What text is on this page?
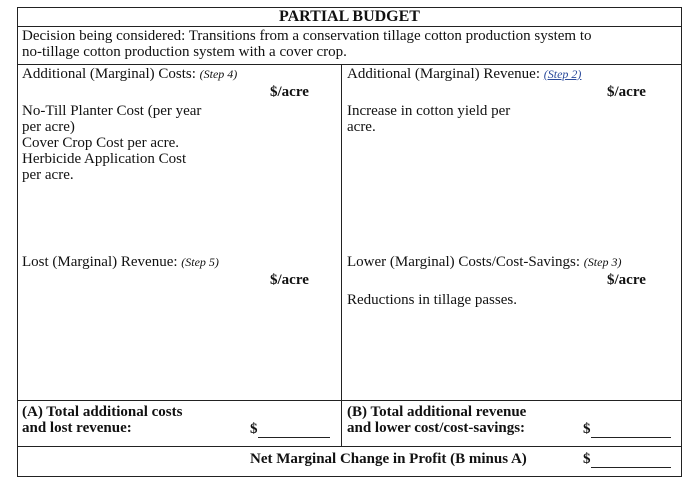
PARTIAL BUDGET
Decision being considered: Transitions from a conservation tillage cotton production system to
no-tillage cotton production system with a cover crop.
Additional (Marginal) Costs: (Step 4)
$/acre
No-Till Planter Cost (per year
per acre)
Cover Crop Cost per acre.
Herbicide Application Cost
per acre.
Additional (Marginal) Revenue: (Step 2)
$/acre
Increase in cotton yield per
acre.
Lost (Marginal) Revenue: (Step 5)
$/acre
Lower (Marginal) Costs/Cost-Savings: (Step 3)
$/acre
Reductions in tillage passes.
(A) Total additional costs
and lost revenue:	$
(B) Total additional revenue
and lower cost/cost-savings:	$
Net Marginal Change in Profit (B minus A)	$
